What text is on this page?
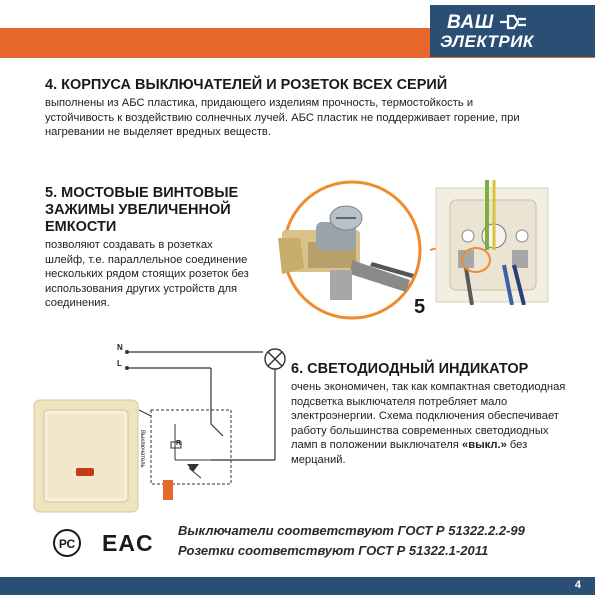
ВАШ
ЭЛЕКТРИК
4. КОРПУСА ВЫКЛЮЧАТЕЛЕЙ И РОЗЕТОК ВСЕХ СЕРИЙ
выполнены из АБС пластика, придающего изделиям прочность, термостойкость и устойчивость к воздействию солнечных лучей. АБС пластик не поддерживает горение, при нагревании не выделяет вредных веществ.
5. МОСТОВЫЕ ВИНТОВЫЕ ЗАЖИМЫ УВЕЛИЧЕННОЙ ЕМКОСТИ
позволяют создавать в розетках шлейф, т.е. параллельное соединение нескольких рядом стоящих розеток без использования других устройств для соединения.	5
N
L
R
Выключатель
6. СВЕТОДИОДНЫЙ ИНДИКАТОР
очень экономичен, так как компактная светодиодная подсветка выключателя потребляет мало электроэнергии. Схема подключения обеспечивает работу большинства современных светодиодных ламп в положении выключателя «выкл.» без мерцаний.
РС EAC Выключатели соответствуют ГОСТ Р 51322.2.2-99
Розетки соответствуют ГОСТ Р 51322.1-2011
4
